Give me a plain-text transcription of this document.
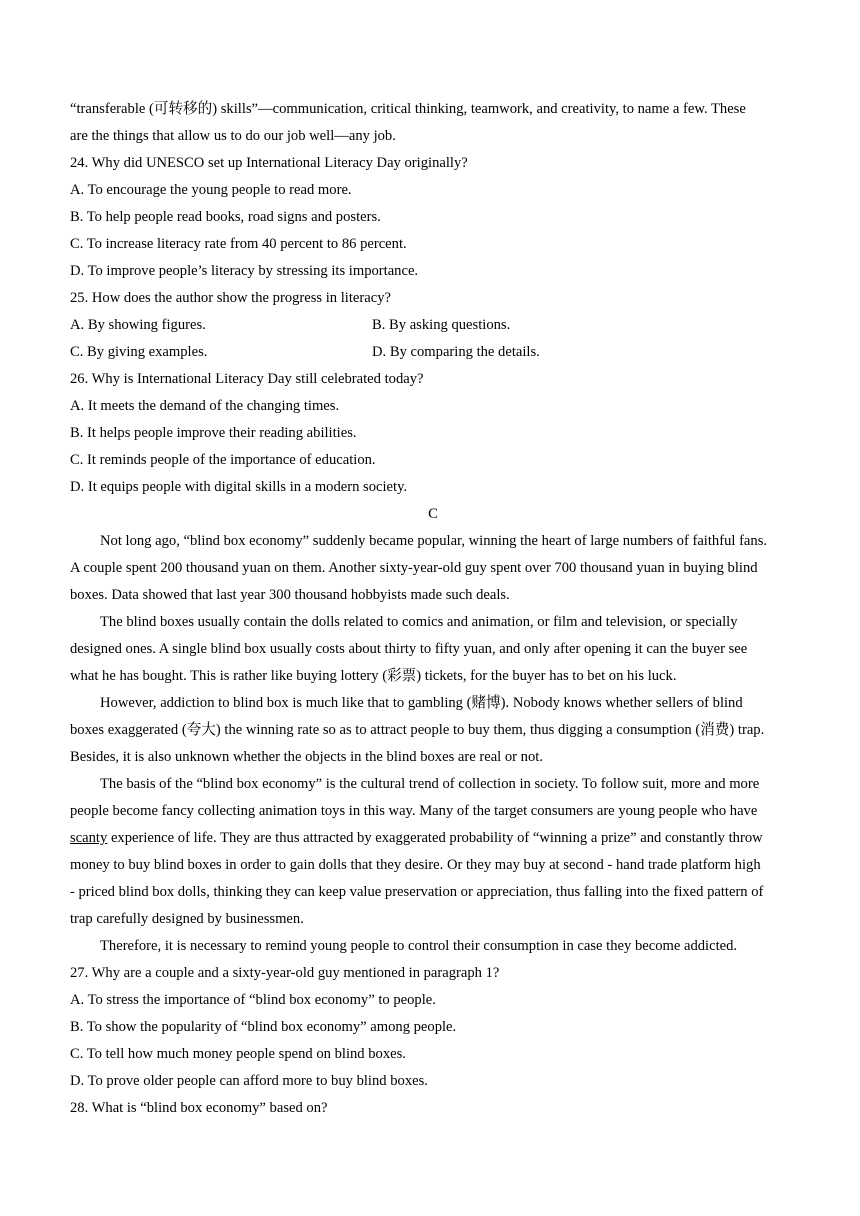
“transferable (可转移的) skills”—communication, critical thinking, teamwork, and creativity, to name a few. These
are the things that allow us to do our job well—any job.
24. Why did UNESCO set up International Literacy Day originally?
A. To encourage the young people to read more.
B. To help people read books, road signs and posters.
C. To increase literacy rate from 40 percent to 86 percent.
D. To improve people’s literacy by stressing its importance.
25. How does the author show the progress in literacy?
A. By showing figures.	B. By asking questions.
C. By giving examples.	D. By comparing the details.
26. Why is International Literacy Day still celebrated today?
A. It meets the demand of the changing times.
B. It helps people improve their reading abilities.
C. It reminds people of the importance of education.
D. It equips people with digital skills in a modern society.
C
Not long ago, “blind box economy” suddenly became popular, winning the heart of large numbers of faithful fans.
A couple spent 200 thousand yuan on them. Another sixty-year-old guy spent over 700 thousand yuan in buying blind
boxes. Data showed that last year 300 thousand hobbyists made such deals.
The blind boxes usually contain the dolls related to comics and animation, or film and television, or specially
designed ones. A single blind box usually costs about thirty to fifty yuan, and only after opening it can the buyer see
what he has bought. This is rather like buying lottery (彩票) tickets, for the buyer has to bet on his luck.
However, addiction to blind box is much like that to gambling (赌博). Nobody knows whether sellers of blind
boxes exaggerated (夸大) the winning rate so as to attract people to buy them, thus digging a consumption (消费) trap.
Besides, it is also unknown whether the objects in the blind boxes are real or not.
The basis of the “blind box economy” is the cultural trend of collection in society. To follow suit, more and more
people become fancy collecting animation toys in this way. Many of the target consumers are young people who have
scanty experience of life. They are thus attracted by exaggerated probability of “winning a prize” and constantly throw
money to buy blind boxes in order to gain dolls that they desire. Or they may buy at second - hand trade platform high
- priced blind box dolls, thinking they can keep value preservation or appreciation, thus falling into the fixed pattern of
trap carefully designed by businessmen.
Therefore, it is necessary to remind young people to control their consumption in case they become addicted.
27. Why are a couple and a sixty-year-old guy mentioned in paragraph 1?
A. To stress the importance of “blind box economy” to people.
B. To show the popularity of “blind box economy” among people.
C. To tell how much money people spend on blind boxes.
D. To prove older people can afford more to buy blind boxes.
28. What is “blind box economy” based on?
